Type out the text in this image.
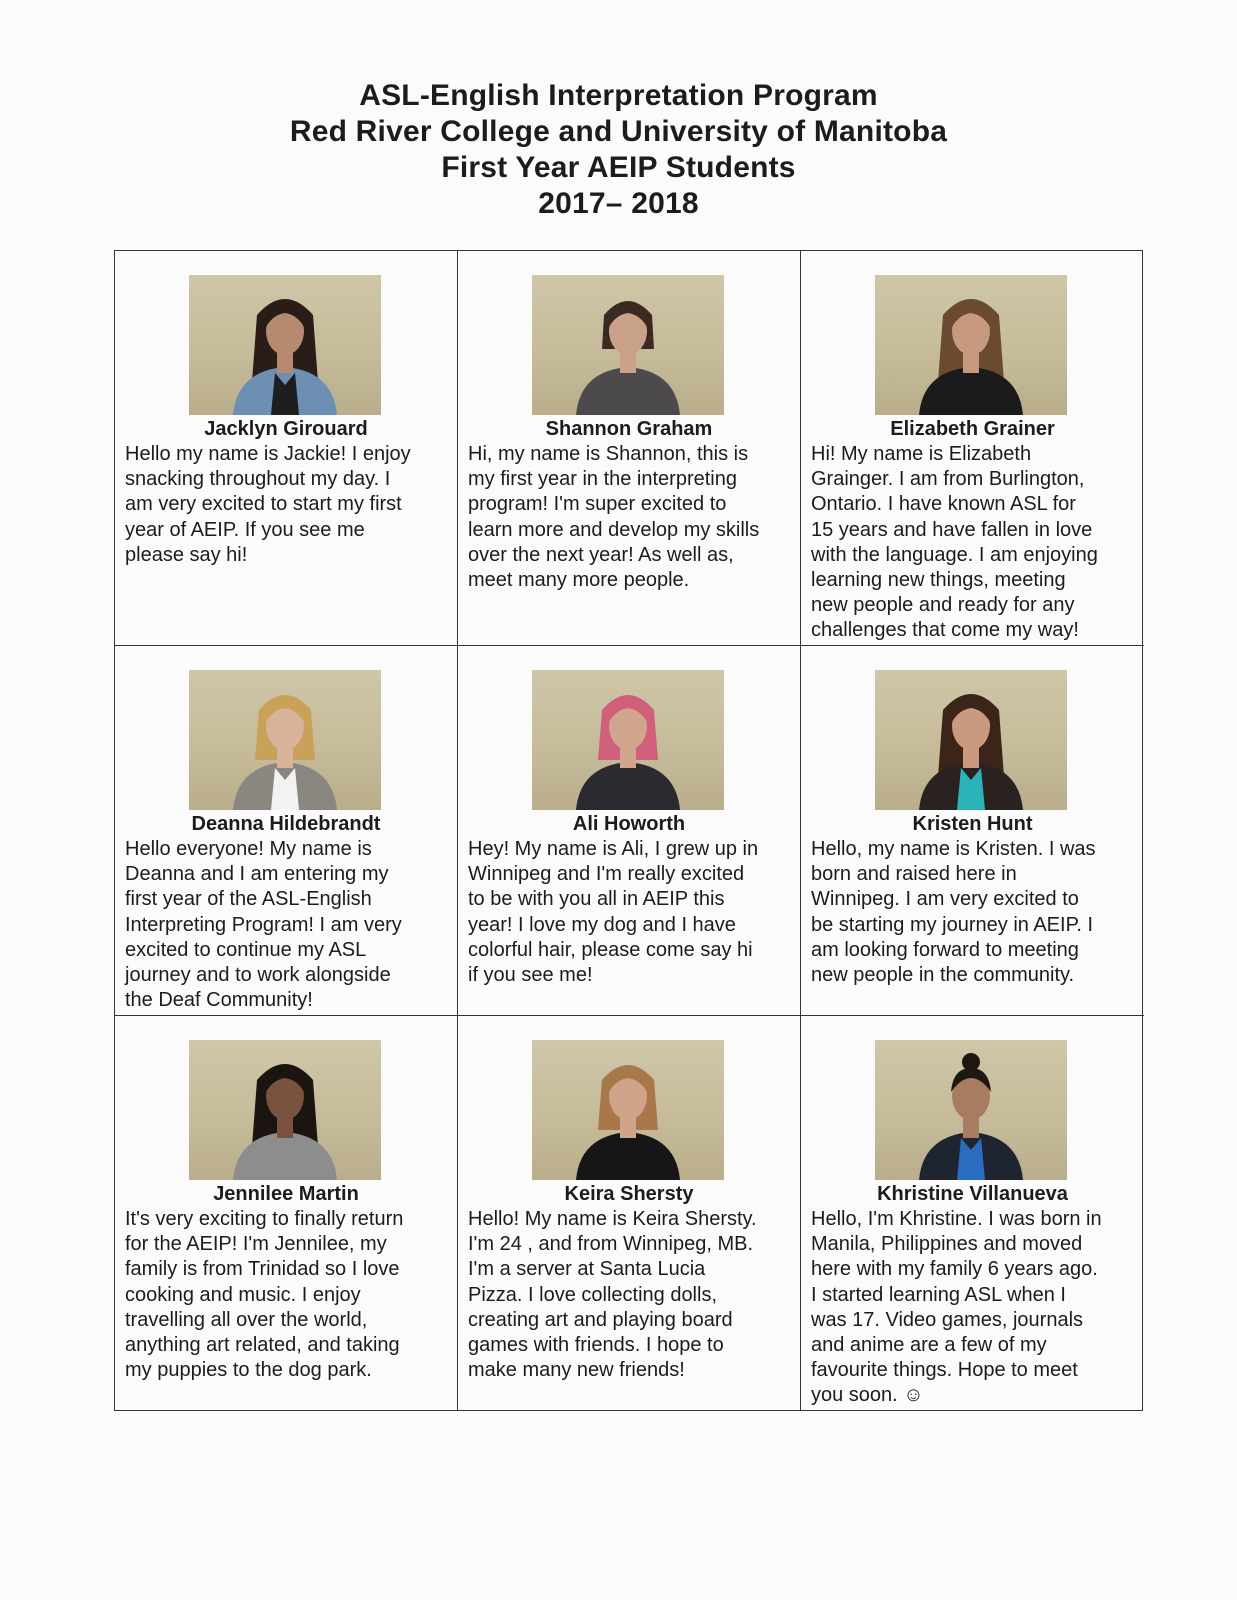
ASL-English Interpretation Program
Red River College and University of Manitoba
First Year AEIP Students
2017– 2018
Jacklyn Girouard
Hello my name is Jackie! I enjoy
snacking throughout my day. I
am very excited to start my first
year of AEIP. If you see me
please say hi!
Shannon Graham
Hi, my name is Shannon, this is
my first year in the interpreting
program! I'm super excited to
learn more and develop my skills
over the next year! As well as,
meet many more people.
Elizabeth Grainer
Hi! My name is Elizabeth
Grainger. I am from Burlington,
Ontario. I have known ASL for
15 years and have fallen in love
with the language. I am enjoying
learning new things, meeting
new people and ready for any
challenges that come my way!
Deanna Hildebrandt
Hello everyone! My name is
Deanna and I am entering my
first year of the ASL-English
Interpreting Program! I am very
excited to continue my ASL
journey and to work alongside
the Deaf Community!
Ali Howorth
Hey! My name is Ali, I grew up in
Winnipeg and I'm really excited
to be with you all in AEIP this
year! I love my dog and I have
colorful hair, please come say hi
if you see me!
Kristen Hunt
Hello, my name is Kristen. I was
born and raised here in
Winnipeg. I am very excited to
be starting my journey in AEIP. I
am looking forward to meeting
new people in the community.
Jennilee Martin
It's very exciting to finally return
for the AEIP! I'm Jennilee, my
family is from Trinidad so I love
cooking and music. I enjoy
travelling all over the world,
anything art related, and taking
my puppies to the dog park.
Keira Shersty
Hello! My name is Keira Shersty.
I'm 24 , and from Winnipeg, MB.
I'm a server at Santa Lucia
Pizza. I love collecting dolls,
creating art and playing board
games with friends. I hope to
make many new friends!
Khristine Villanueva
Hello, I'm Khristine. I was born in
Manila, Philippines and moved
here with my family 6 years ago.
I started learning ASL when I
was 17. Video games, journals
and anime are a few of my
favourite things. Hope to meet
you soon. ☺
